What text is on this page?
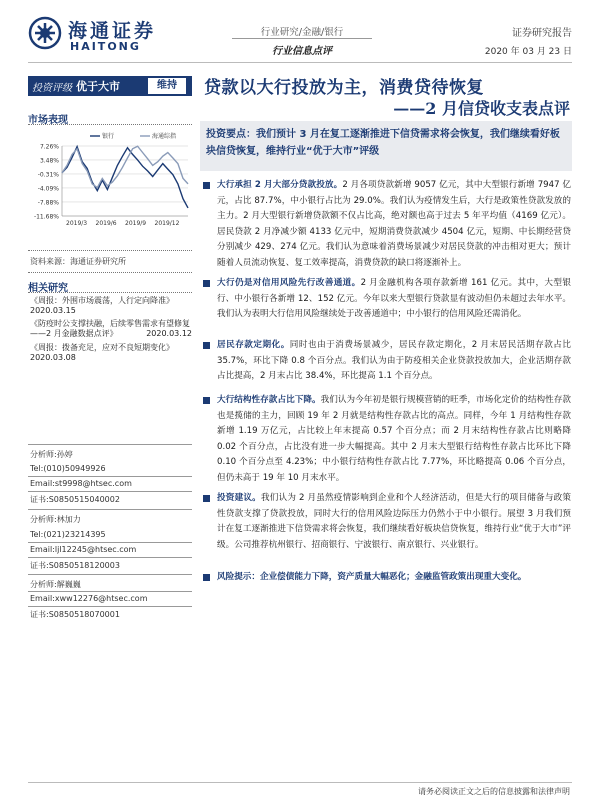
海通证券
HAITONG
行业研究/金融/银行
行业信息点评
证券研究报告
2020 年 03 月 23 日
投资评级 优于大市	维持	贷款以大行投放为主，消费贷待恢复
——2 月信贷收支表点评
市场表现
7.26%
3.48%
-0.31%
-4.09%
-7.88%
-11.68%
2019/3 2019/6 2019/9 2019/12
银行	海通综指
资料来源：海通证券研究所
相关研究
《周报：外围市场震荡，人行定向降准》
2020.03.15
《防疫时公支撑扶融，后续零售需求有望修复——2 月金融数据点评》	2020.03.12
《周报：拨备充足，应对不良短期变化》
2020.03.08
分析师:孙婷
Tel:(010)50949926
Email:st9998@htsec.com
证书:S0850515040002
分析师:林加力
Tel:(021)23214395
Email:ljl12245@htsec.com
证书:S0850518120003
分析师:解巍巍
Email:xww12276@htsec.com
证书:S0850518070001
投资要点：我们预计 3 月在复工逐渐推进下信贷需求将会恢复，我们继续看好板块信贷恢复，维持行业“优于大市”评级
大行承担 2 月大部分贷款投放。2 月各项贷款新增 9057 亿元，其中大型银行新增 7947 亿元，占比 87.7%，中小银行占比为 29.0%。我们认为疫情发生后，大行是政策性贷款发放的主力。2 月大型银行新增贷款额不仅占比高，绝对额也高于过去 5 年平均值（4169 亿元）。居民贷款 2 月净减少额 4133 亿元中，短期消费贷款减少 4504 亿元，短期、中长期经营贷分别减少 429、274 亿元。我们认为意味着消费场景减少对居民贷款的冲击相对更大；预计随着人员流动恢复、复工效率提高，消费贷款的缺口将逐渐补上。
大行仍是对信用风险先行改善通道。2 月金融机构各项存款新增 161 亿元。其中，大型银行、中小银行各新增 12、152 亿元。今年以来大型银行贷款显有波动但仍未超过去年水平。我们认为表明大行信用风险继续处于改善通道中；中小银行的信用风险还需消化。
居民存款定期化。同时也由于消费场景减少，居民存款定期化，2 月末居民活期存款占比 35.7%，环比下降 0.8 个百分点。我们认为由于防疫相关企业贷款投放加大，企业活期存款占比提高，2 月末占比 38.4%，环比提高 1.1 个百分点。
大行结构性存款占比下降。我们认为今年初是银行规模营销的旺季，市场化定价的结构性存款也是揽储的主力，回顾 19 年 2 月就是结构性存款占比的高点。同样，今年 1 月结构性存款新增 1.19 万亿元，占比较上年末提高 0.57 个百分点；而 2 月末结构性存款占比则略降 0.02 个百分点，占比没有进一步大幅提高。其中 2 月末大型银行结构性存款占比环比下降 0.10 个百分点至 4.23%；中小银行结构性存款占比 7.77%，环比略提高 0.06 个百分点，但仍未高于 19 年 10 月末水平。
投资建议。我们认为 2 月虽然疫情影响到企业和个人经济活动，但是大行的项目储备与政策性贷款支撑了贷款投放，同时大行的信用风险边际压力仍然小于中小银行。展望 3 月我们预计在复工逐渐推进下信贷需求将会恢复，我们继续看好板块信贷恢复，维持行业“优于大市”评级。公司推荐杭州银行、招商银行、宁波银行、南京银行、兴业银行。
风险提示：企业偿债能力下降，资产质量大幅恶化；金融监管政策出现重大变化。
请务必阅读正文之后的信息披露和法律声明
